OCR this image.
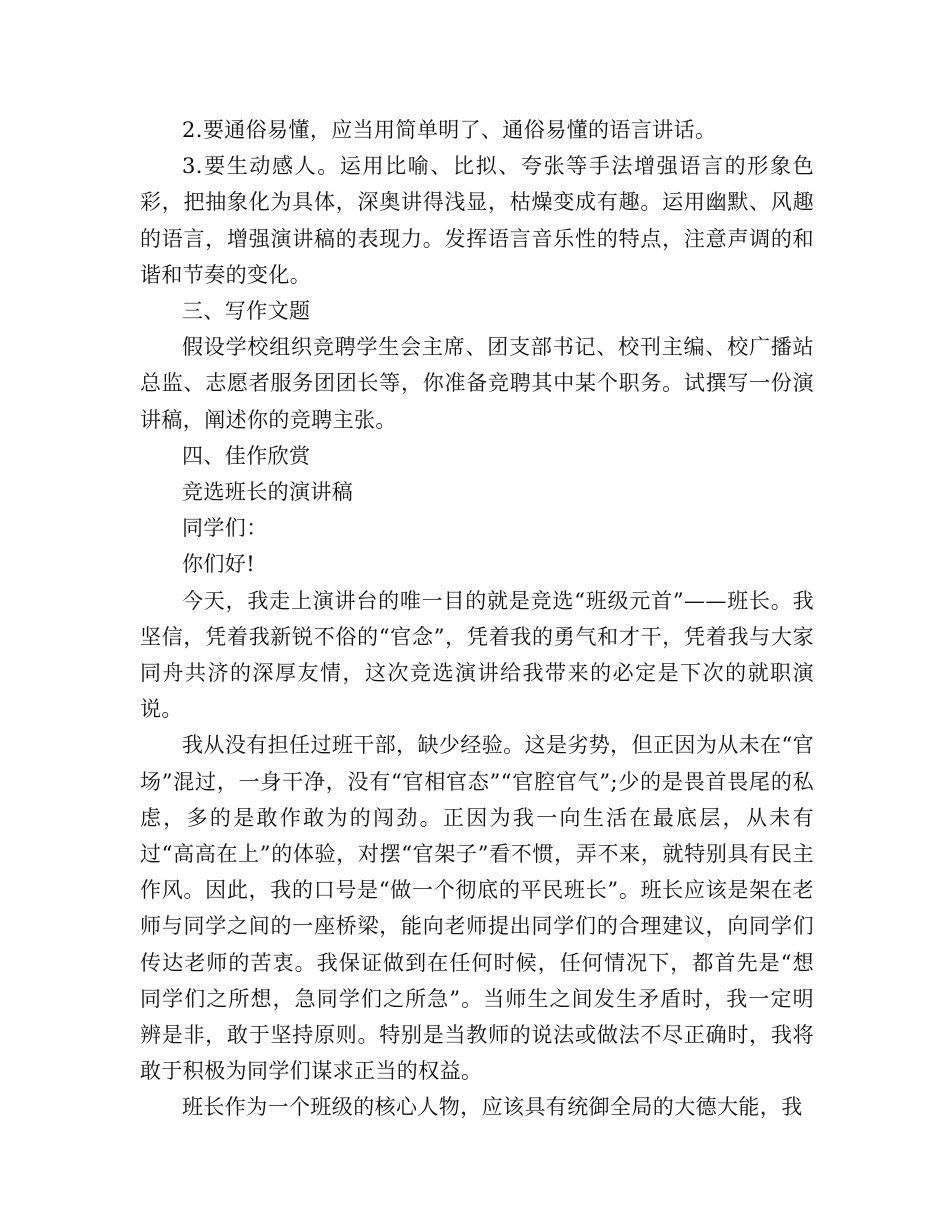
2.要通俗易懂，应当用简单明了、通俗易懂的语言讲话。

3.要生动感人。运用比喻、比拟、夸张等手法增强语言的形象色彩，把抽象化为具体，深奥讲得浅显，枯燥变成有趣。运用幽默、风趣的语言，增强演讲稿的表现力。发挥语言音乐性的特点，注意声调的和谐和节奏的变化。

三、写作文题

假设学校组织竞聘学生会主席、团支部书记、校刊主编、校广播站总监、志愿者服务团团长等，你准备竞聘其中某个职务。试撰写一份演讲稿，阐述你的竞聘主张。

四、佳作欣赏

竞选班长的演讲稿

同学们：

你们好!

今天，我走上演讲台的唯一目的就是竞选“班级元首”——班长。我坚信，凭着我新锐不俗的“官念”，凭着我的勇气和才干，凭着我与大家同舟共济的深厚友情，这次竞选演讲给我带来的必定是下次的就职演说。

我从没有担任过班干部，缺少经验。这是劣势，但正因为从未在“官场”混过，一身干净，没有“官相官态”“官腔官气”;少的是畏首畏尾的私虑，多的是敢作敢为的闯劲。正因为我一向生活在最底层，从未有过“高高在上”的体验，对摆“官架子”看不惯，弄不来，就特别具有民主作风。因此，我的口号是“做一个彻底的平民班长”。班长应该是架在老师与同学之间的一座桥梁，能向老师提出同学们的合理建议，向同学们传达老师的苦衷。我保证做到在任何时候，任何情况下，都首先是“想同学们之所想，急同学们之所急”。当师生之间发生矛盾时，我一定明辨是非，敢于坚持原则。特别是当教师的说法或做法不尽正确时，我将敢于积极为同学们谋求正当的权益。

班长作为一个班级的核心人物，应该具有统御全局的大德大能，我
